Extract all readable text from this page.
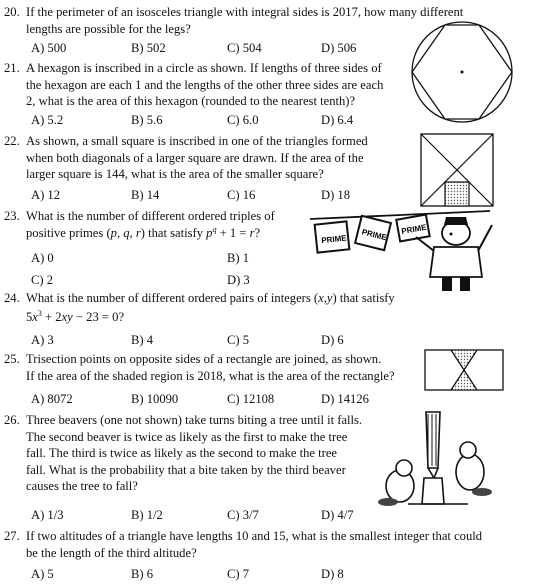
20. If the perimeter of an isosceles triangle with integral sides is 2017, how many different
lengths are possible for the legs?
A) 500	B) 502	C) 504	D) 506
21. A hexagon is inscribed in a circle as shown. If lengths of three sides of
the hexagon are each 1 and the lengths of the other three sides are each
2, what is the area of this hexagon (rounded to the nearest tenth)?
A) 5.2	B) 5.6	C) 6.0	D) 6.4
22. As shown, a small square is inscribed in one of the triangles formed
when both diagonals of a larger square are drawn. If the area of the
larger square is 144, what is the area of the smaller square?
A) 12	B) 14	C) 16	D) 18
23. What is the number of different ordered triples of
positive primes (p, q, r) that satisfy $p^q + 1 = r$?
A) 0	B) 1
C) 2	D) 3
24. What is the number of different ordered pairs of integers (x,y) that satisfy
$5x^3 + 2xy - 23 = 0$?
A) 3	B) 4	C) 5	D) 6
25. Trisection points on opposite sides of a rectangle are joined, as shown.
If the area of the shaded region is 2018, what is the area of the rectangle?
A) 8072	B) 10090	C) 12108	D) 14126
26. Three beavers (one not shown) take turns biting a tree until it falls.
The second beaver is twice as likely as the first to make the tree
fall. The third is twice as likely as the second to make the tree
fall. What is the probability that a bite taken by the third beaver
causes the tree to fall?
A) 1/3	B) 1/2	C) 3/7	D) 4/7
27. If two altitudes of a triangle have lengths 10 and 15, what is the smallest integer that could
be the length of the third altitude?
A) 5	B) 6	C) 7	D) 8
PRIME PRIME PRIME
